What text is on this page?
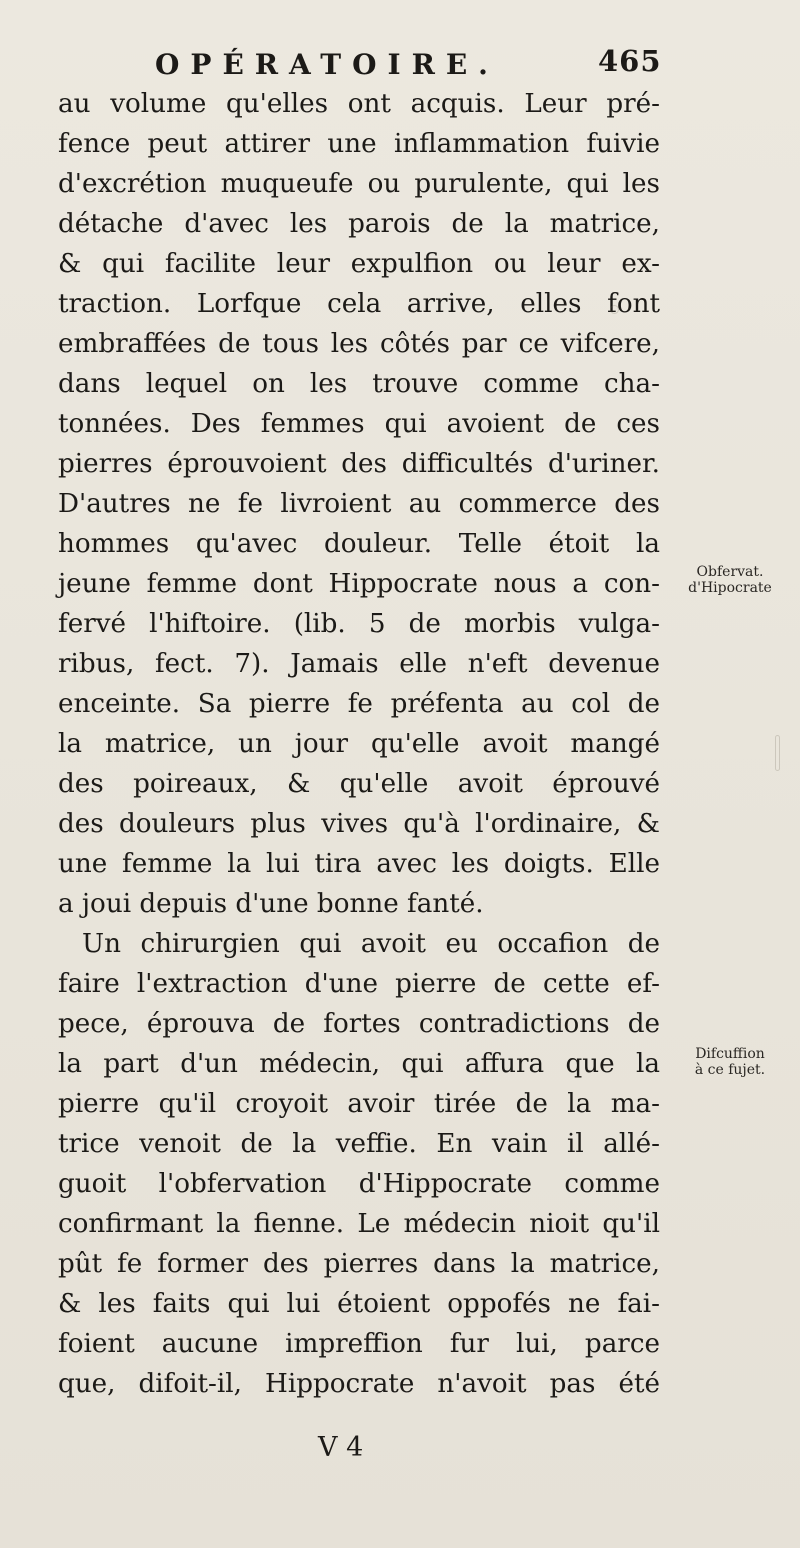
OPÉRATOIRE.	465
au volume qu'elles ont acquis. Leur pré-
fence peut attirer une inflammation fuivie
d'excrétion muqueufe ou purulente, qui les
détache d'avec les parois de la matrice,
& qui facilite leur expulfion ou leur ex-
traction. Lorfque cela arrive, elles font
embraffées de tous les côtés par ce vifcere,
dans lequel on les trouve comme cha-
tonnées. Des femmes qui avoient de ces
pierres éprouvoient des difficultés d'uriner.
D'autres ne fe livroient au commerce des
hommes qu'avec douleur. Telle étoit la
jeune femme dont Hippocrate nous a con-
fervé l'hiftoire. (lib. 5 de morbis vulga-
ribus, fect. 7). Jamais elle n'eft devenue
enceinte. Sa pierre fe préfenta au col de
la matrice, un jour qu'elle avoit mangé
des poireaux, & qu'elle avoit éprouvé
des douleurs plus vives qu'à l'ordinaire, &
une femme la lui tira avec les doigts. Elle
a joui depuis d'une bonne fanté.
Un chirurgien qui avoit eu occafion de
faire l'extraction d'une pierre de cette ef-
pece, éprouva de fortes contradictions de
la part d'un médecin, qui affura que la
pierre qu'il croyoit avoir tirée de la ma-
trice venoit de la veffie. En vain il allé-
guoit l'obfervation d'Hippocrate comme
confirmant la fienne. Le médecin nioit qu'il
pût fe former des pierres dans la matrice,
& les faits qui lui étoient oppofés ne fai-
foient aucune impreffion fur lui, parce
que, difoit-il, Hippocrate n'avoit pas été
Obfervat.
d'Hipocrate
Difcuffion
à ce fujet.
V 4
